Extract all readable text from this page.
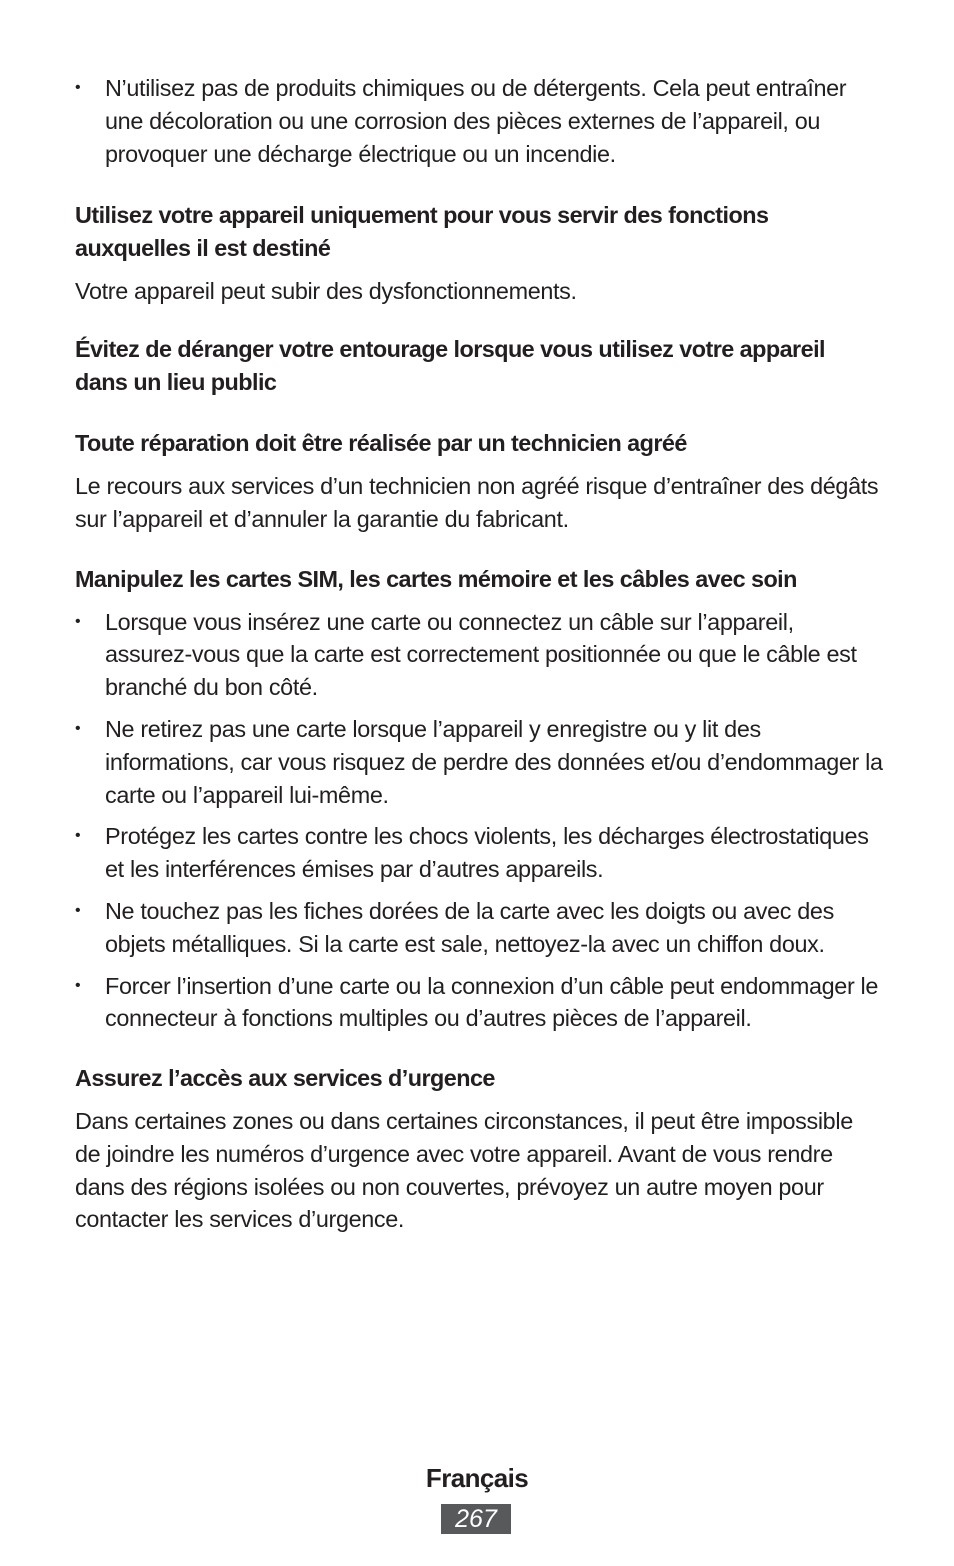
•	N’utilisez pas de produits chimiques ou de détergents. Cela peut entraîner une décoloration ou une corrosion des pièces externes de l’appareil, ou provoquer une décharge électrique ou un incendie.
Utilisez votre appareil uniquement pour vous servir des fonctions auxquelles il est destiné

Votre appareil peut subir des dysfonctionnements.

Évitez de déranger votre entourage lorsque vous utilisez votre appareil dans un lieu public
Toute réparation doit être réalisée par un technicien agréé

Le recours aux services d’un technicien non agréé risque d’entraîner des dégâts sur l’appareil et d’annuler la garantie du fabricant.

Manipulez les cartes SIM, les cartes mémoire et les câbles avec soin
•	Lorsque vous insérez une carte ou connectez un câble sur l’appareil, assurez-vous que la carte est correctement positionnée ou que le câble est branché du bon côté.
•	Ne retirez pas une carte lorsque l’appareil y enregistre ou y lit des informations, car vous risquez de perdre des données et/ou d’endommager la carte ou l’appareil lui-même.
•	Protégez les cartes contre les chocs violents, les décharges électrostatiques et les interférences émises par d’autres appareils.
•	Ne touchez pas les fiches dorées de la carte avec les doigts ou avec des objets métalliques. Si la carte est sale, nettoyez-la avec un chiffon doux.
•	Forcer l’insertion d’une carte ou la connexion d’un câble peut endommager le connecteur à fonctions multiples ou d’autres pièces de l’appareil.
Assurez l’accès aux services d’urgence

Dans certaines zones ou dans certaines circonstances, il peut être impossible de joindre les numéros d’urgence avec votre appareil. Avant de vous rendre dans des régions isolées ou non couvertes, prévoyez un autre moyen pour contacter les services d’urgence.

Français
267
